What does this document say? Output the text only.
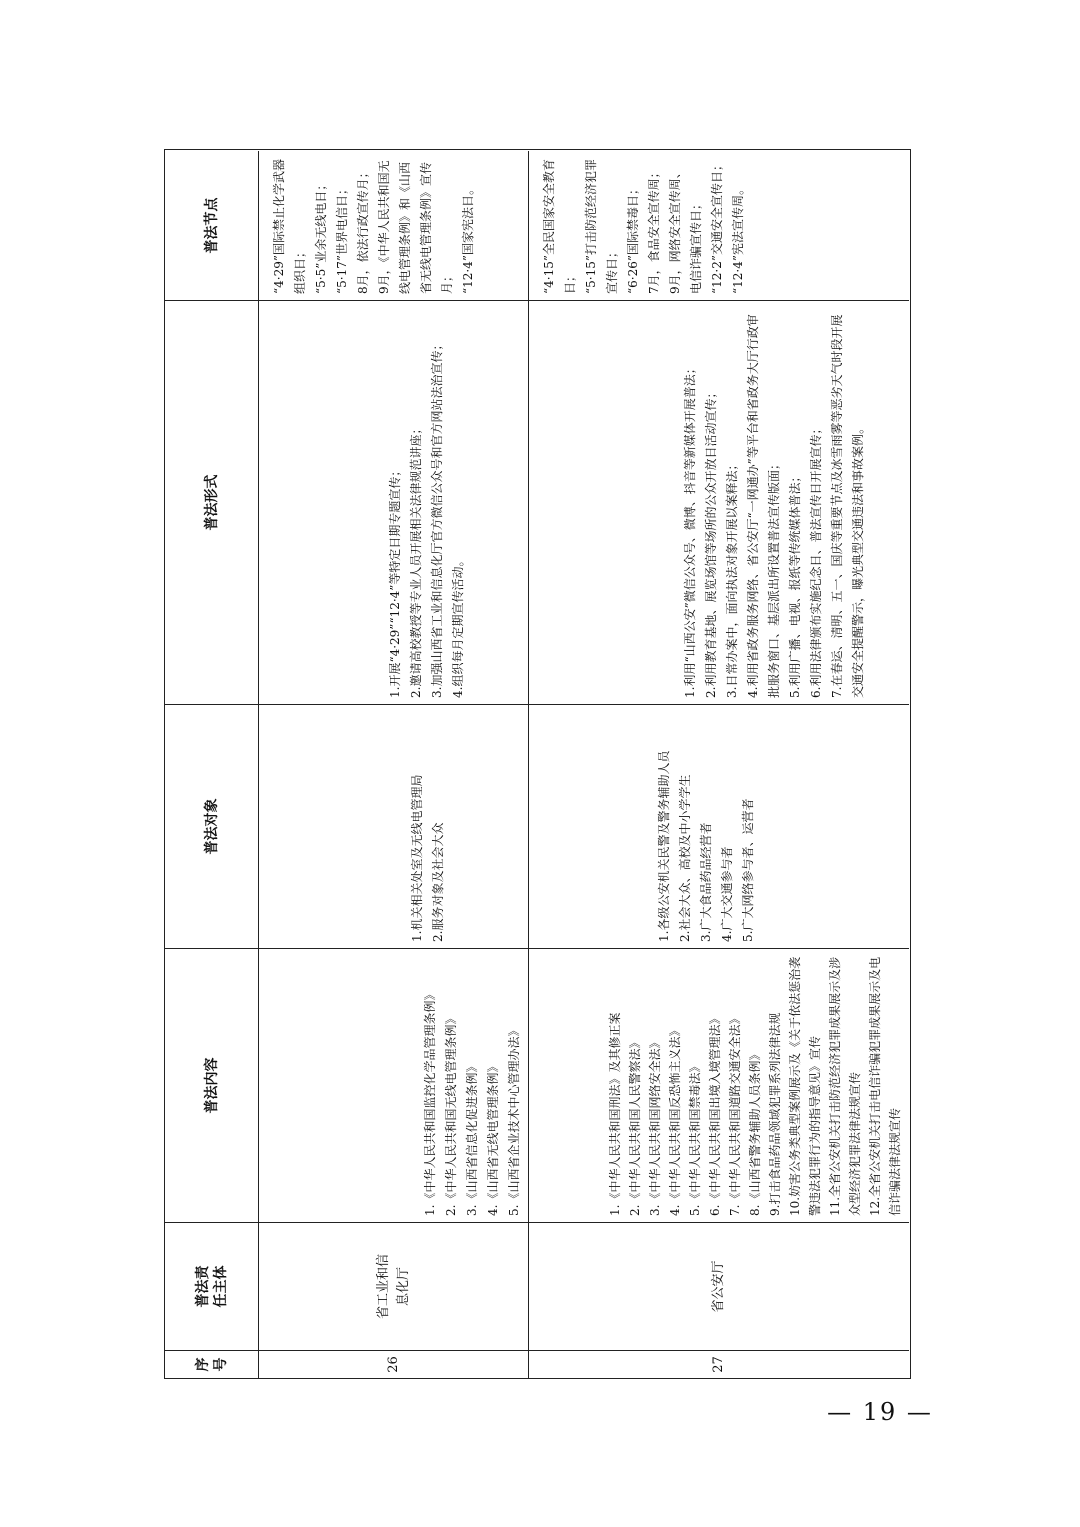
序号
普法责任主体
普法内容
普法对象
普法形式
普法节点
26
省工业和信息化厅
1.《中华人民共和国监控化学品管理条例》 2.《中华人民共和国无线电管理条例》 3.《山西省信息化促进条例》 4.《山西省无线电管理条例》 5.《山西省企业技术中心管理办法》
1.机关相关处室及无线电管理局 2.服务对象及社会大众
1.开展“4·29”“12·4”等特定日期专题宣传； 2.邀请高校教授等专业人员开展相关法律规范讲座； 3.加强山西省工业和信息化厅官方微信公众号和官方网站法治宣传； 4.组织每月定期宣传活动。
“4·29”国际禁止化学武器组织日； “5·5”业余无线电日； “5·17”世界电信日； 8月，依法行政宣传月； 9月，《中华人民共和国无线电管理条例》和《山西省无线电管理条例》宣传月； “12·4”国家宪法日。
27
省公安厅
1.《中华人民共和国刑法》及其修正案 2.《中华人民共和国人民警察法》 3.《中华人民共和国网络安全法》 4.《中华人民共和国反恐怖主义法》 5.《中华人民共和国禁毒法》 6.《中华人民共和国出境入境管理法》 7.《中华人民共和国道路交通安全法》 8.《山西省警务辅助人员条例》 9.打击食品药品领域犯罪系列法律法规 10.妨害公务类典型案例展示及《关于依法惩治袭警违法犯罪行为的指导意见》宣传 11.全省公安机关打击防范经济犯罪成果展示及涉众型经济犯罪法律法规宣传 12.全省公安机关打击电信诈骗犯罪成果展示及电信诈骗法律法规宣传
1.各级公安机关民警及警务辅助人员 2.社会大众、高校及中小学学生 3.广大食品药品经营者 4.广大交通参与者 5.广大网络参与者、运营者
1.利用“山西公安”微信公众号、微博、抖音等新媒体开展普法； 2.利用教育基地、展览场馆等场所的公众开放日活动宣传； 3.日常办案中，面向执法对象开展以案释法； 4.利用省政务服务网络、省公安厅“一网通办”等平台和省政务大厅行政审批服务窗口、基层派出所设置普法宣传版面； 5.利用广播、电视、报纸等传统媒体普法； 6.利用法律颁布实施纪念日、普法宣传日开展宣传； 7.在春运、清明、五一、国庆等重要节点及冰雪雨雾等恶劣天气时段开展交通安全提醒警示，曝光典型交通违法和事故案例。
“4·15”全民国家安全教育日； “5·15”打击防范经济犯罪宣传日； “6·26”国际禁毒日； 7月，食品安全宣传周； 9月，网络安全宣传周、电信诈骗宣传日； “12·2”交通安全宣传日； “12·4”宪法宣传周。
— 19 —
